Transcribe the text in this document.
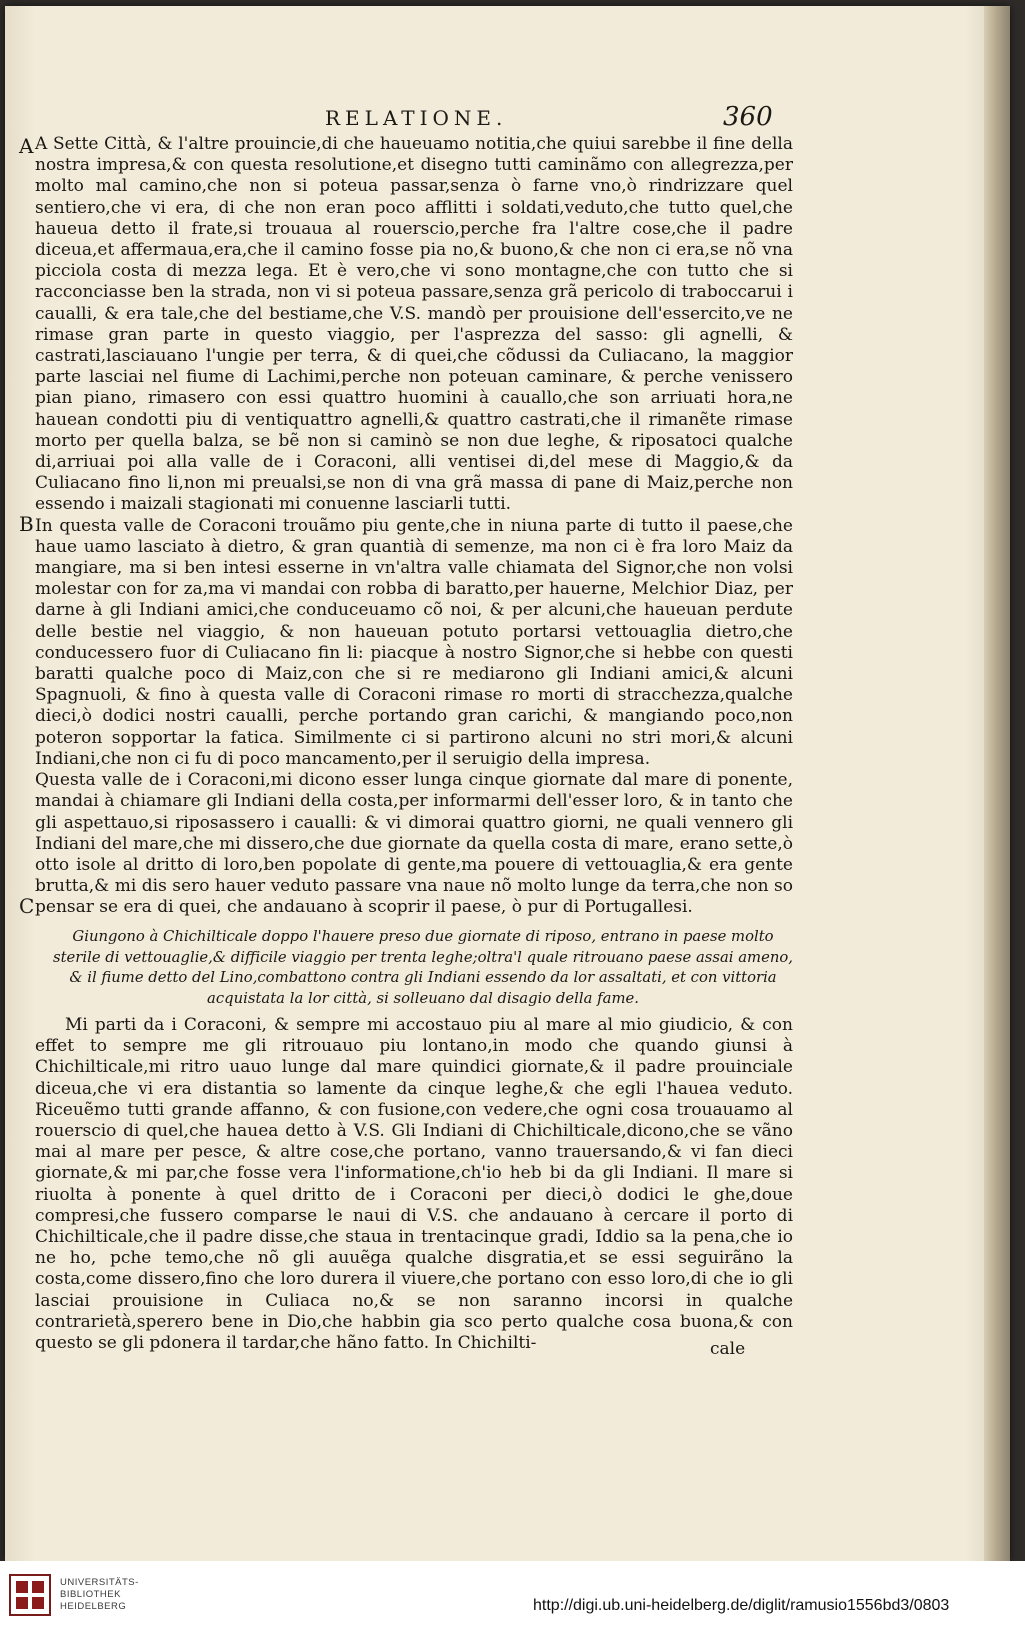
RELATIONE.	360
A
B
C

A Sette Città, & l'altre prouincie,di che haueuamo notitia,che quiui sarebbe il fine della nostra impresa,& con questa resolutione,et disegno tutti caminãmo con allegrezza,per molto mal camino,che non si poteua passar,senza ò farne vno,ò rindrizzare quel sentiero,che vi era, di che non eran poco afflitti i soldati,veduto,che tutto quel,che haueua detto il frate,si trouaua al rouerscio,perche fra l'altre cose,che il padre diceua,et affermaua,era,che il camino fosse pia no,& buono,& che non ci era,se nõ vna picciola costa di mezza lega. Et è vero,che vi sono montagne,che con tutto che si racconciasse ben la strada, non vi si poteua passare,senza grã pericolo di traboccarui i caualli, & era tale,che del bestiame,che V.S. mandò per prouisione dell'essercito,ve ne rimase gran parte in questo viaggio, per l'asprezza del sasso: gli agnelli, & castrati,lasciauano l'ungie per terra, & di quei,che cõdussi da Culiacano, la maggior parte lasciai nel fiume di Lachimi,perche non poteuan caminare, & perche venissero pian piano, rimasero con essi quattro huomini à cauallo,che son arriuati hora,ne hauean condotti piu di ventiquattro agnelli,& quattro castrati,che il rimanẽte rimase morto per quella balza, se bẽ non si caminò se non due leghe, & riposatoci qualche di,arriuai poi alla valle de i Coraconi, alli ventisei di,del mese di Maggio,& da Culiacano fino li,non mi preualsi,se non di vna grã massa di pane di Maiz,perche non essendo i maizali stagionati mi conuenne lasciarli tutti.

In questa valle de Coraconi trouãmo piu gente,che in niuna parte di tutto il paese,che haue uamo lasciato à dietro, & gran quantià di semenze, ma non ci è fra loro Maiz da mangiare, ma si ben intesi esserne in vn'altra valle chiamata del Signor,che non volsi molestar con for za,ma vi mandai con robba di baratto,per hauerne, Melchior Diaz, per darne à gli Indiani amici,che conduceuamo cõ noi, & per alcuni,che haueuan perdute delle bestie nel viaggio, & non haueuan potuto portarsi vettouaglia dietro,che conducessero fuor di Culiacano fin li: piacque à nostro Signor,che si hebbe con questi baratti qualche poco di Maiz,con che si re mediarono gli Indiani amici,& alcuni Spagnuoli, & fino à questa valle di Coraconi rimase ro morti di stracchezza,qualche dieci,ò dodici nostri caualli, perche portando gran carichi, & mangiando poco,non poteron sopportar la fatica. Similmente ci si partirono alcuni no stri mori,& alcuni Indiani,che non ci fu di poco mancamento,per il seruigio della impresa.

Questa valle de i Coraconi,mi dicono esser lunga cinque giornate dal mare di ponente, mandai à chiamare gli Indiani della costa,per informarmi dell'esser loro, & in tanto che gli aspettauo,si riposassero i caualli: & vi dimorai quattro giorni, ne quali vennero gli Indiani del mare,che mi dissero,che due giornate da quella costa di mare, erano sette,ò otto isole al dritto di loro,ben popolate di gente,ma pouere di vettouaglia,& era gente brutta,& mi dis sero hauer veduto passare vna naue nõ molto lunge da terra,che non so pensar se era di quei, che andauano à scoprir il paese, ò pur di Portugallesi.

Giungono à Chichilticale doppo l'hauere preso due giornate di riposo, entrano in paese molto sterile di vettouaglie,& difficile viaggio per trenta leghe;oltra'l quale ritrouano paese assai ameno, & il fiume detto del Lino,combattono contra gli Indiani essendo da lor assaltati, et con vittoria acquistata la lor città, si solleuano dal disagio della fame.

Mi parti da i Coraconi, & sempre mi accostauo piu al mare al mio giudicio, & con effet to sempre me gli ritrouauo piu lontano,in modo che quando giunsi à Chichilticale,mi ritro uauo lunge dal mare quindici giornate,& il padre prouinciale diceua,che vi era distantia so lamente da cinque leghe,& che egli l'hauea veduto. Riceuẽmo tutti grande affanno, & con fusione,con vedere,che ogni cosa trouauamo al rouerscio di quel,che hauea detto à V.S. Gli Indiani di Chichilticale,dicono,che se vãno mai al mare per pesce, & altre cose,che portano, vanno trauersando,& vi fan dieci giornate,& mi par,che fosse vera l'informatione,ch'io heb bi da gli Indiani. Il mare si riuolta à ponente à quel dritto de i Coraconi per dieci,ò dodici le ghe,doue compresi,che fussero comparse le naui di V.S. che andauano à cercare il porto di Chichilticale,che il padre disse,che staua in trentacinque gradi, Iddio sa la pena,che io ne ho, pche temo,che nõ gli auuẽga qualche disgratia,et se essi seguirãno la costa,come dissero,fino che loro durera il viuere,che portano con esso loro,di che io gli lasciai prouisione in Culiaca no,& se non saranno incorsi in qualche contrarietà,sperero bene in Dio,che habbin gia sco perto qualche cosa buona,& con questo se gli pdonera il tardar,che hãno fatto. In Chichilti-	cale
UNIVERSITÄTS-
BIBLIOTHEK
HEIDELBERG	http://digi.ub.uni-heidelberg.de/diglit/ramusio1556bd3/0803
